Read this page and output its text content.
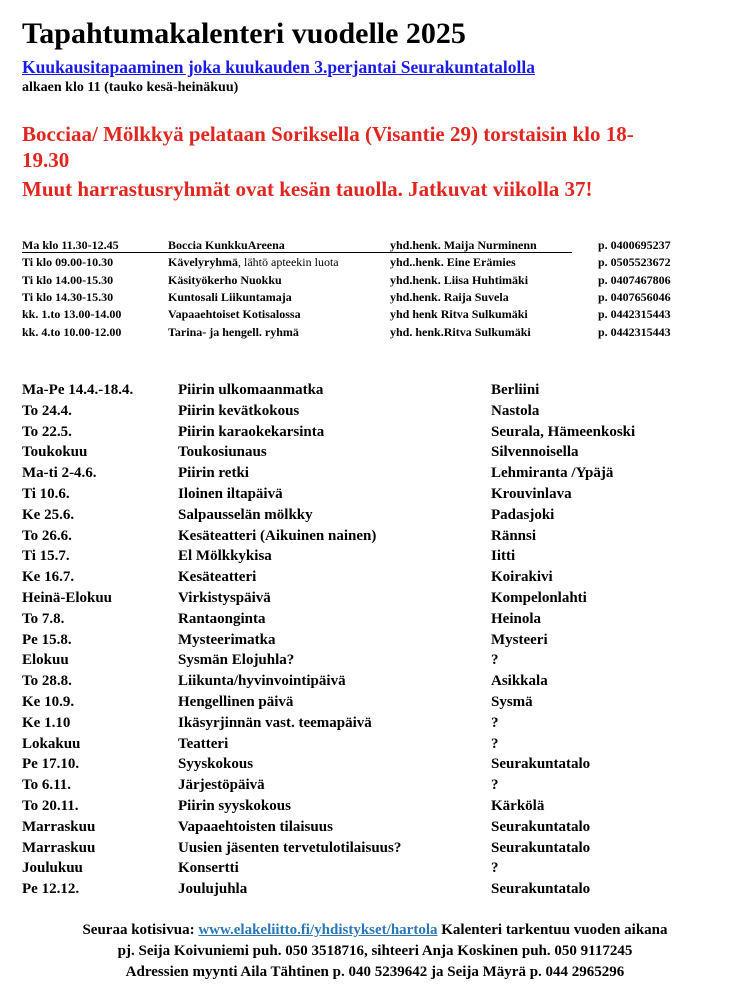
Tapahtumakalenteri vuodelle 2025
Kuukausitapaaminen joka kuukauden 3.perjantai Seurakuntatalolla
alkaen klo 11 (tauko kesä-heinäkuu)
Bocciaa/ Mölkkyä pelataan Soriksella (Visantie 29) torstaisin klo 18-
19.30
Muut harrastusryhmät ovat kesän tauolla. Jatkuvat viikolla 37!
Ma klo 11.30-12.45	Boccia KunkkuAreena	yhd.henk. Maija Nurminenn	p. 0400695237
Ti klo 09.00-10.30	Kävelyryhmä, lähtö apteekin luota	yhd..henk. Eine Erämies	p. 0505523672
Ti klo 14.00-15.30	Käsityökerho Nuokku	yhd.henk. Liisa Huhtimäki	p. 0407467806
Ti klo 14.30-15.30	Kuntosali Liikuntamaja	yhd.henk. Raija Suvela	p. 0407656046
kk. 1.to 13.00-14.00	Vapaaehtoiset Kotisalossa	yhd henk Ritva Sulkumäki	p. 0442315443
kk. 4.to 10.00-12.00	Tarina- ja hengell. ryhmä	yhd. henk.Ritva Sulkumäki	p. 0442315443
Ma-Pe 14.4.-18.4.	Piirin ulkomaanmatka	Berliini
To 24.4.	Piirin kevätkokous	Nastola
To 22.5.	Piirin karaokekarsinta	Seurala, Hämeenkoski
Toukokuu	Toukosiunaus	Silvennoisella
Ma-ti 2-4.6.	Piirin retki	Lehmiranta /Ypäjä
Ti 10.6.	Iloinen iltapäivä	Krouvinlava
Ke 25.6.	Salpausselän mölkky	Padasjoki
To 26.6.	Kesäteatteri (Aikuinen nainen)	Rännsi
Ti 15.7.	El Mölkkykisa	Iitti
Ke 16.7.	Kesäteatteri	Koirakivi
Heinä-Elokuu	Virkistyspäivä	Kompelonlahti
To 7.8.	Rantaonginta	Heinola
Pe 15.8.	Mysteerimatka	Mysteeri
Elokuu	Sysmän Elojuhla?	?
To 28.8.	Liikunta/hyvinvointipäivä	Asikkala
Ke 10.9.	Hengellinen päivä	Sysmä
Ke 1.10	Ikäsyrjinnän vast. teemapäivä	?
Lokakuu	Teatteri	?
Pe 17.10.	Syyskokous	Seurakuntatalo
To 6.11.	Järjestöpäivä	?
To 20.11.	Piirin syyskokous	Kärkölä
Marraskuu	Vapaaehtoisten tilaisuus	Seurakuntatalo
Marraskuu	Uusien jäsenten tervetulotilaisuus?	Seurakuntatalo
Joulukuu	Konsertti	?
Pe 12.12.	Joulujuhla	Seurakuntatalo
Seuraa kotisivua: www.elakeliitto.fi/yhdistykset/hartola Kalenteri tarkentuu vuoden aikana
pj. Seija Koivuniemi puh. 050 3518716, sihteeri Anja Koskinen puh. 050 9117245
Adressien myynti Aila Tähtinen p. 040 5239642 ja Seija Mäyrä p. 044 2965296
